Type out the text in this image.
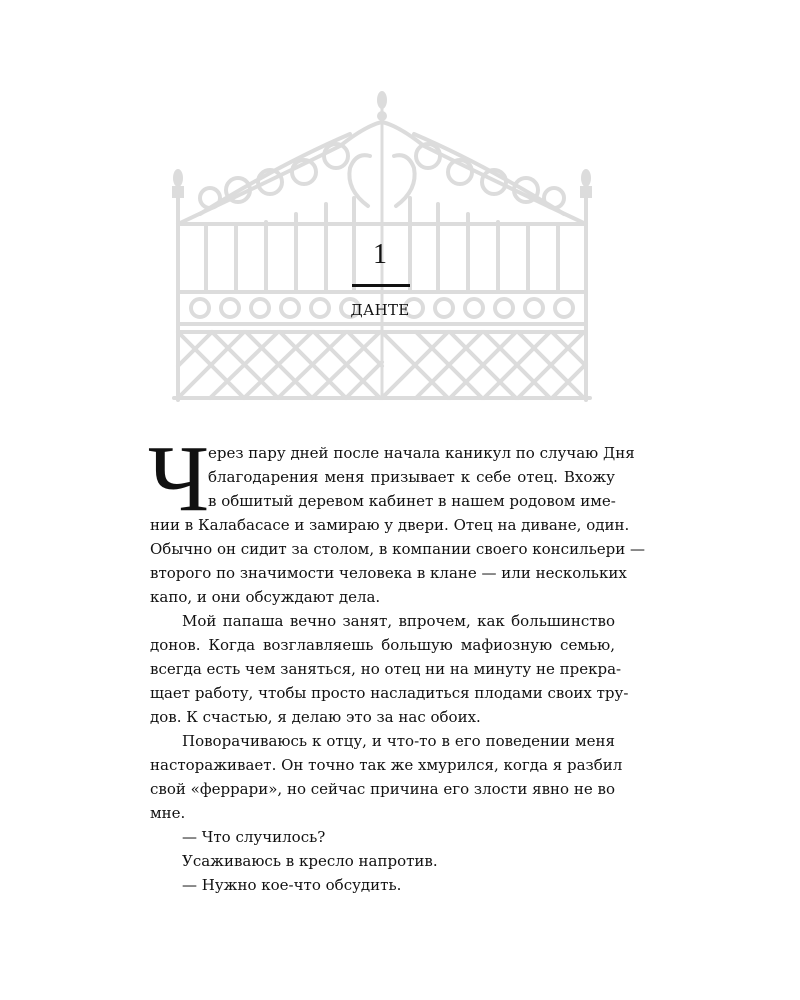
1
ДАНТЕ
Ч
ерез пару дней после начала каникул по случаю Дня
благодарения меня призывает к себе отец. Вхожу
в обшитый деревом кабинет в нашем родовом име-
нии в Калабасасе и замираю у двери. Отец на диване, один.
Обычно он сидит за столом, в компании своего консильери —
второго по значимости человека в клане — или нескольких
капо, и они обсуждают дела.
Мой папаша вечно занят, впрочем, как большинство
донов. Когда возглавляешь большую мафиозную семью,
всегда есть чем заняться, но отец ни на минуту не прекра-
щает работу, чтобы просто насладиться плодами своих тру-
дов. К счастью, я делаю это за нас обоих.
Поворачиваюсь к отцу, и что-то в его поведении меня
настораживает. Он точно так же хмурился, когда я разбил
свой «феррари», но сейчас причина его злости явно не во
мне.
— Что случилось?
Усаживаюсь в кресло напротив.
— Нужно кое-что обсудить.
